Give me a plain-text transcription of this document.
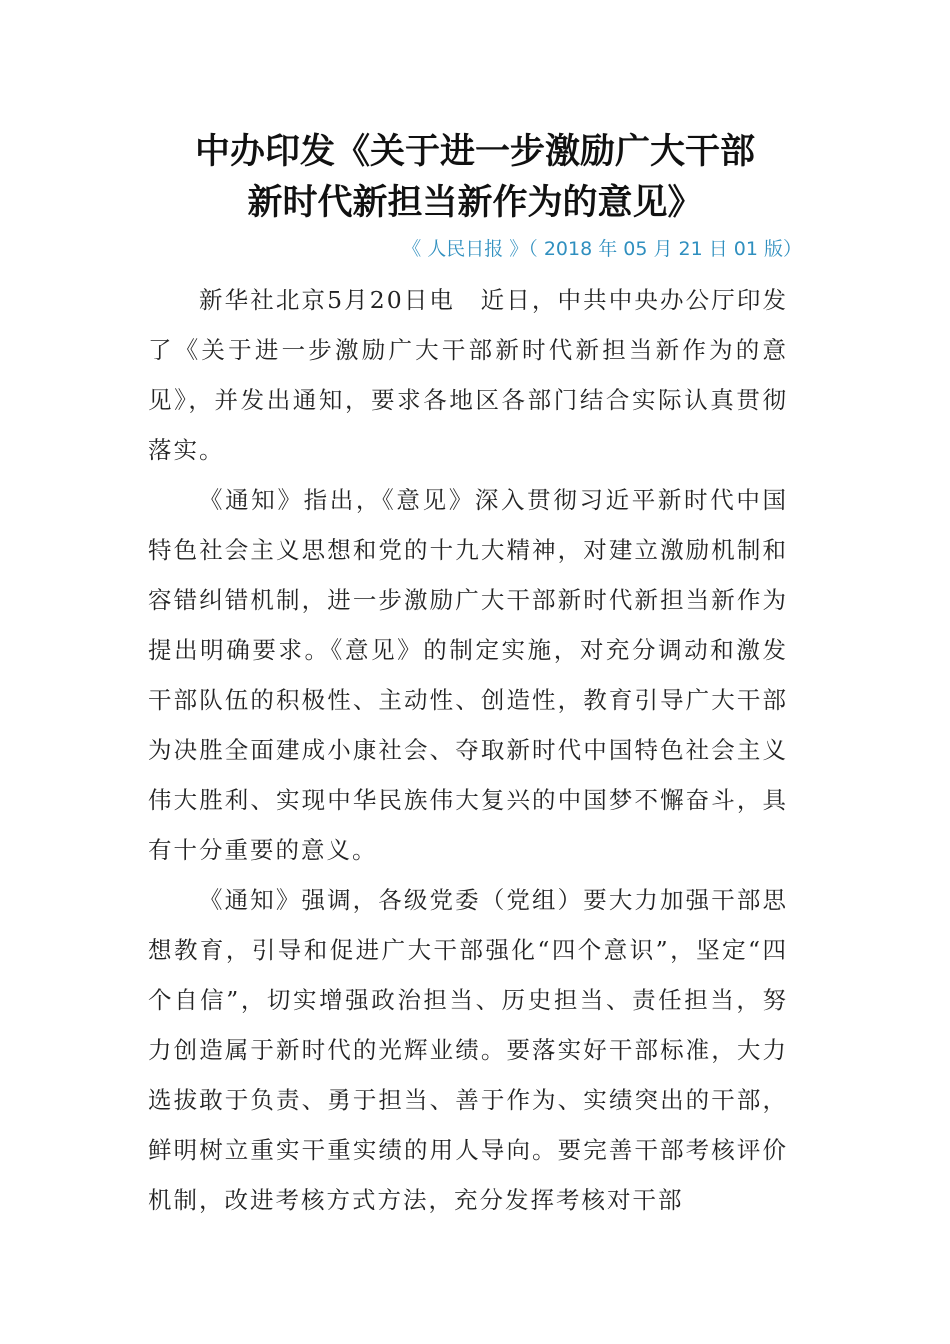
中办印发《关于进一步激励广大干部
新时代新担当新作为的意见》
《 人民日报 》（ 2018 年 05 月 21 日 01 版）

新华社北京5月20日电　近日，中共中央办公厅印发了《关于进一步激励广大干部新时代新担当新作为的意见》，并发出通知，要求各地区各部门结合实际认真贯彻落实。

《通知》指出，《意见》深入贯彻习近平新时代中国特色社会主义思想和党的十九大精神，对建立激励机制和容错纠错机制，进一步激励广大干部新时代新担当新作为提出明确要求。《意见》的制定实施，对充分调动和激发干部队伍的积极性、主动性、创造性，教育引导广大干部为决胜全面建成小康社会、夺取新时代中国特色社会主义伟大胜利、实现中华民族伟大复兴的中国梦不懈奋斗，具有十分重要的意义。

《通知》强调，各级党委（党组）要大力加强干部思想教育，引导和促进广大干部强化“四个意识”，坚定“四个自信”，切实增强政治担当、历史担当、责任担当，努力创造属于新时代的光辉业绩。要落实好干部标准，大力选拔敢于负责、勇于担当、善于作为、实绩突出的干部，鲜明树立重实干重实绩的用人导向。要完善干部考核评价机制，改进考核方式方法，充分发挥考核对干部
